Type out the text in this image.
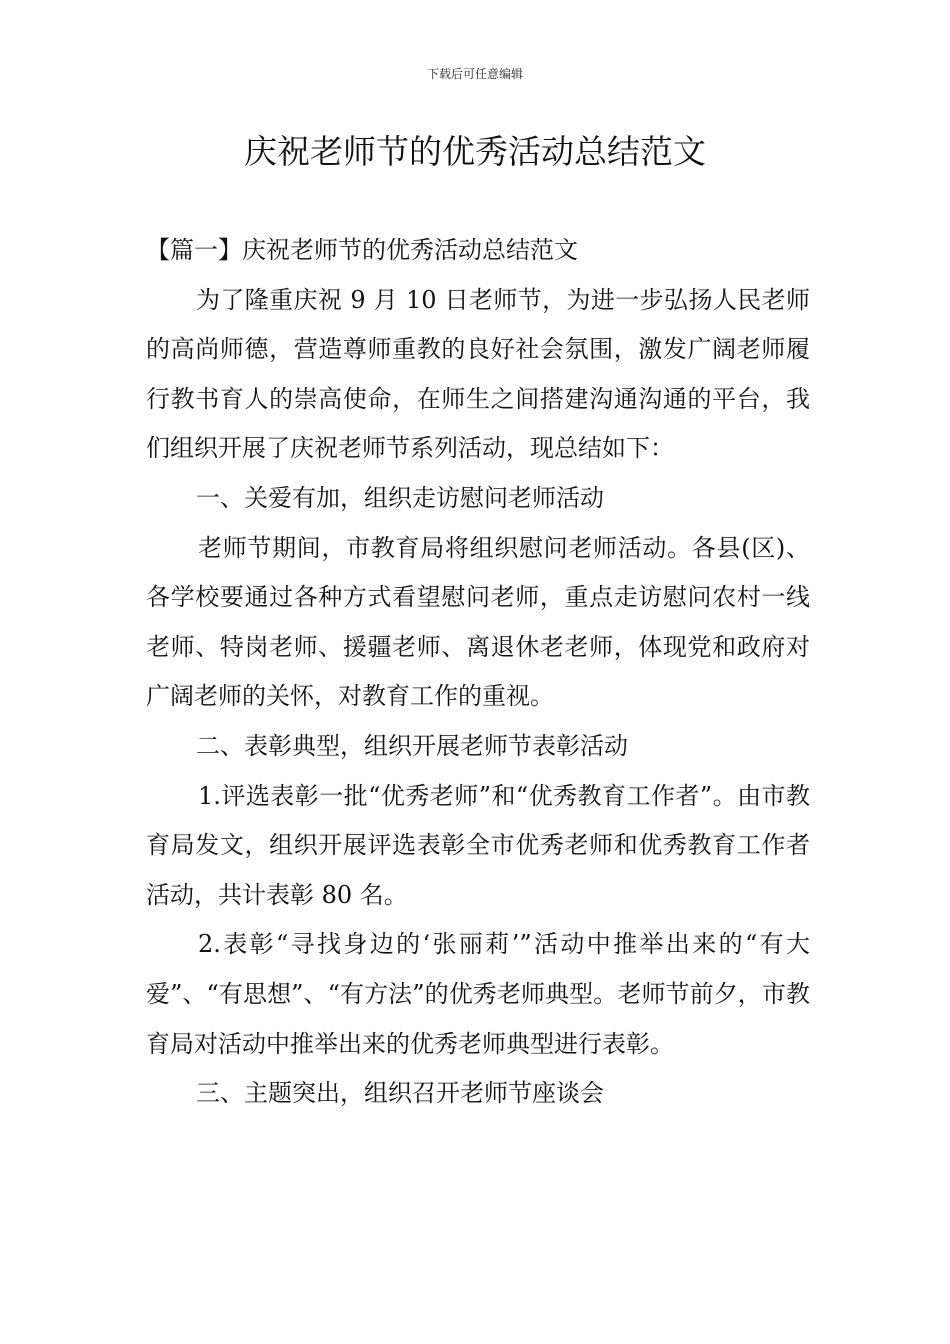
下载后可任意编辑
庆祝老师节的优秀活动总结范文

【篇一】庆祝老师节的优秀活动总结范文

为了隆重庆祝 9 月 10 日老师节，为进一步弘扬人民老师的高尚师德，营造尊师重教的良好社会氛围，激发广阔老师履行教书育人的崇高使命，在师生之间搭建沟通沟通的平台，我们组织开展了庆祝老师节系列活动，现总结如下：

一、关爱有加，组织走访慰问老师活动

老师节期间，市教育局将组织慰问老师活动。各县(区)、各学校要通过各种方式看望慰问老师，重点走访慰问农村一线老师、特岗老师、援疆老师、离退休老老师，体现党和政府对广阔老师的关怀，对教育工作的重视。

二、表彰典型，组织开展老师节表彰活动

1.评选表彰一批“优秀老师”和“优秀教育工作者”。由市教育局发文，组织开展评选表彰全市优秀老师和优秀教育工作者活动，共计表彰 80 名。

2.表彰“寻找身边的‘张丽莉’”活动中推举出来的“有大爱”、“有思想”、“有方法”的优秀老师典型。老师节前夕，市教育局对活动中推举出来的优秀老师典型进行表彰。

三、主题突出，组织召开老师节座谈会
